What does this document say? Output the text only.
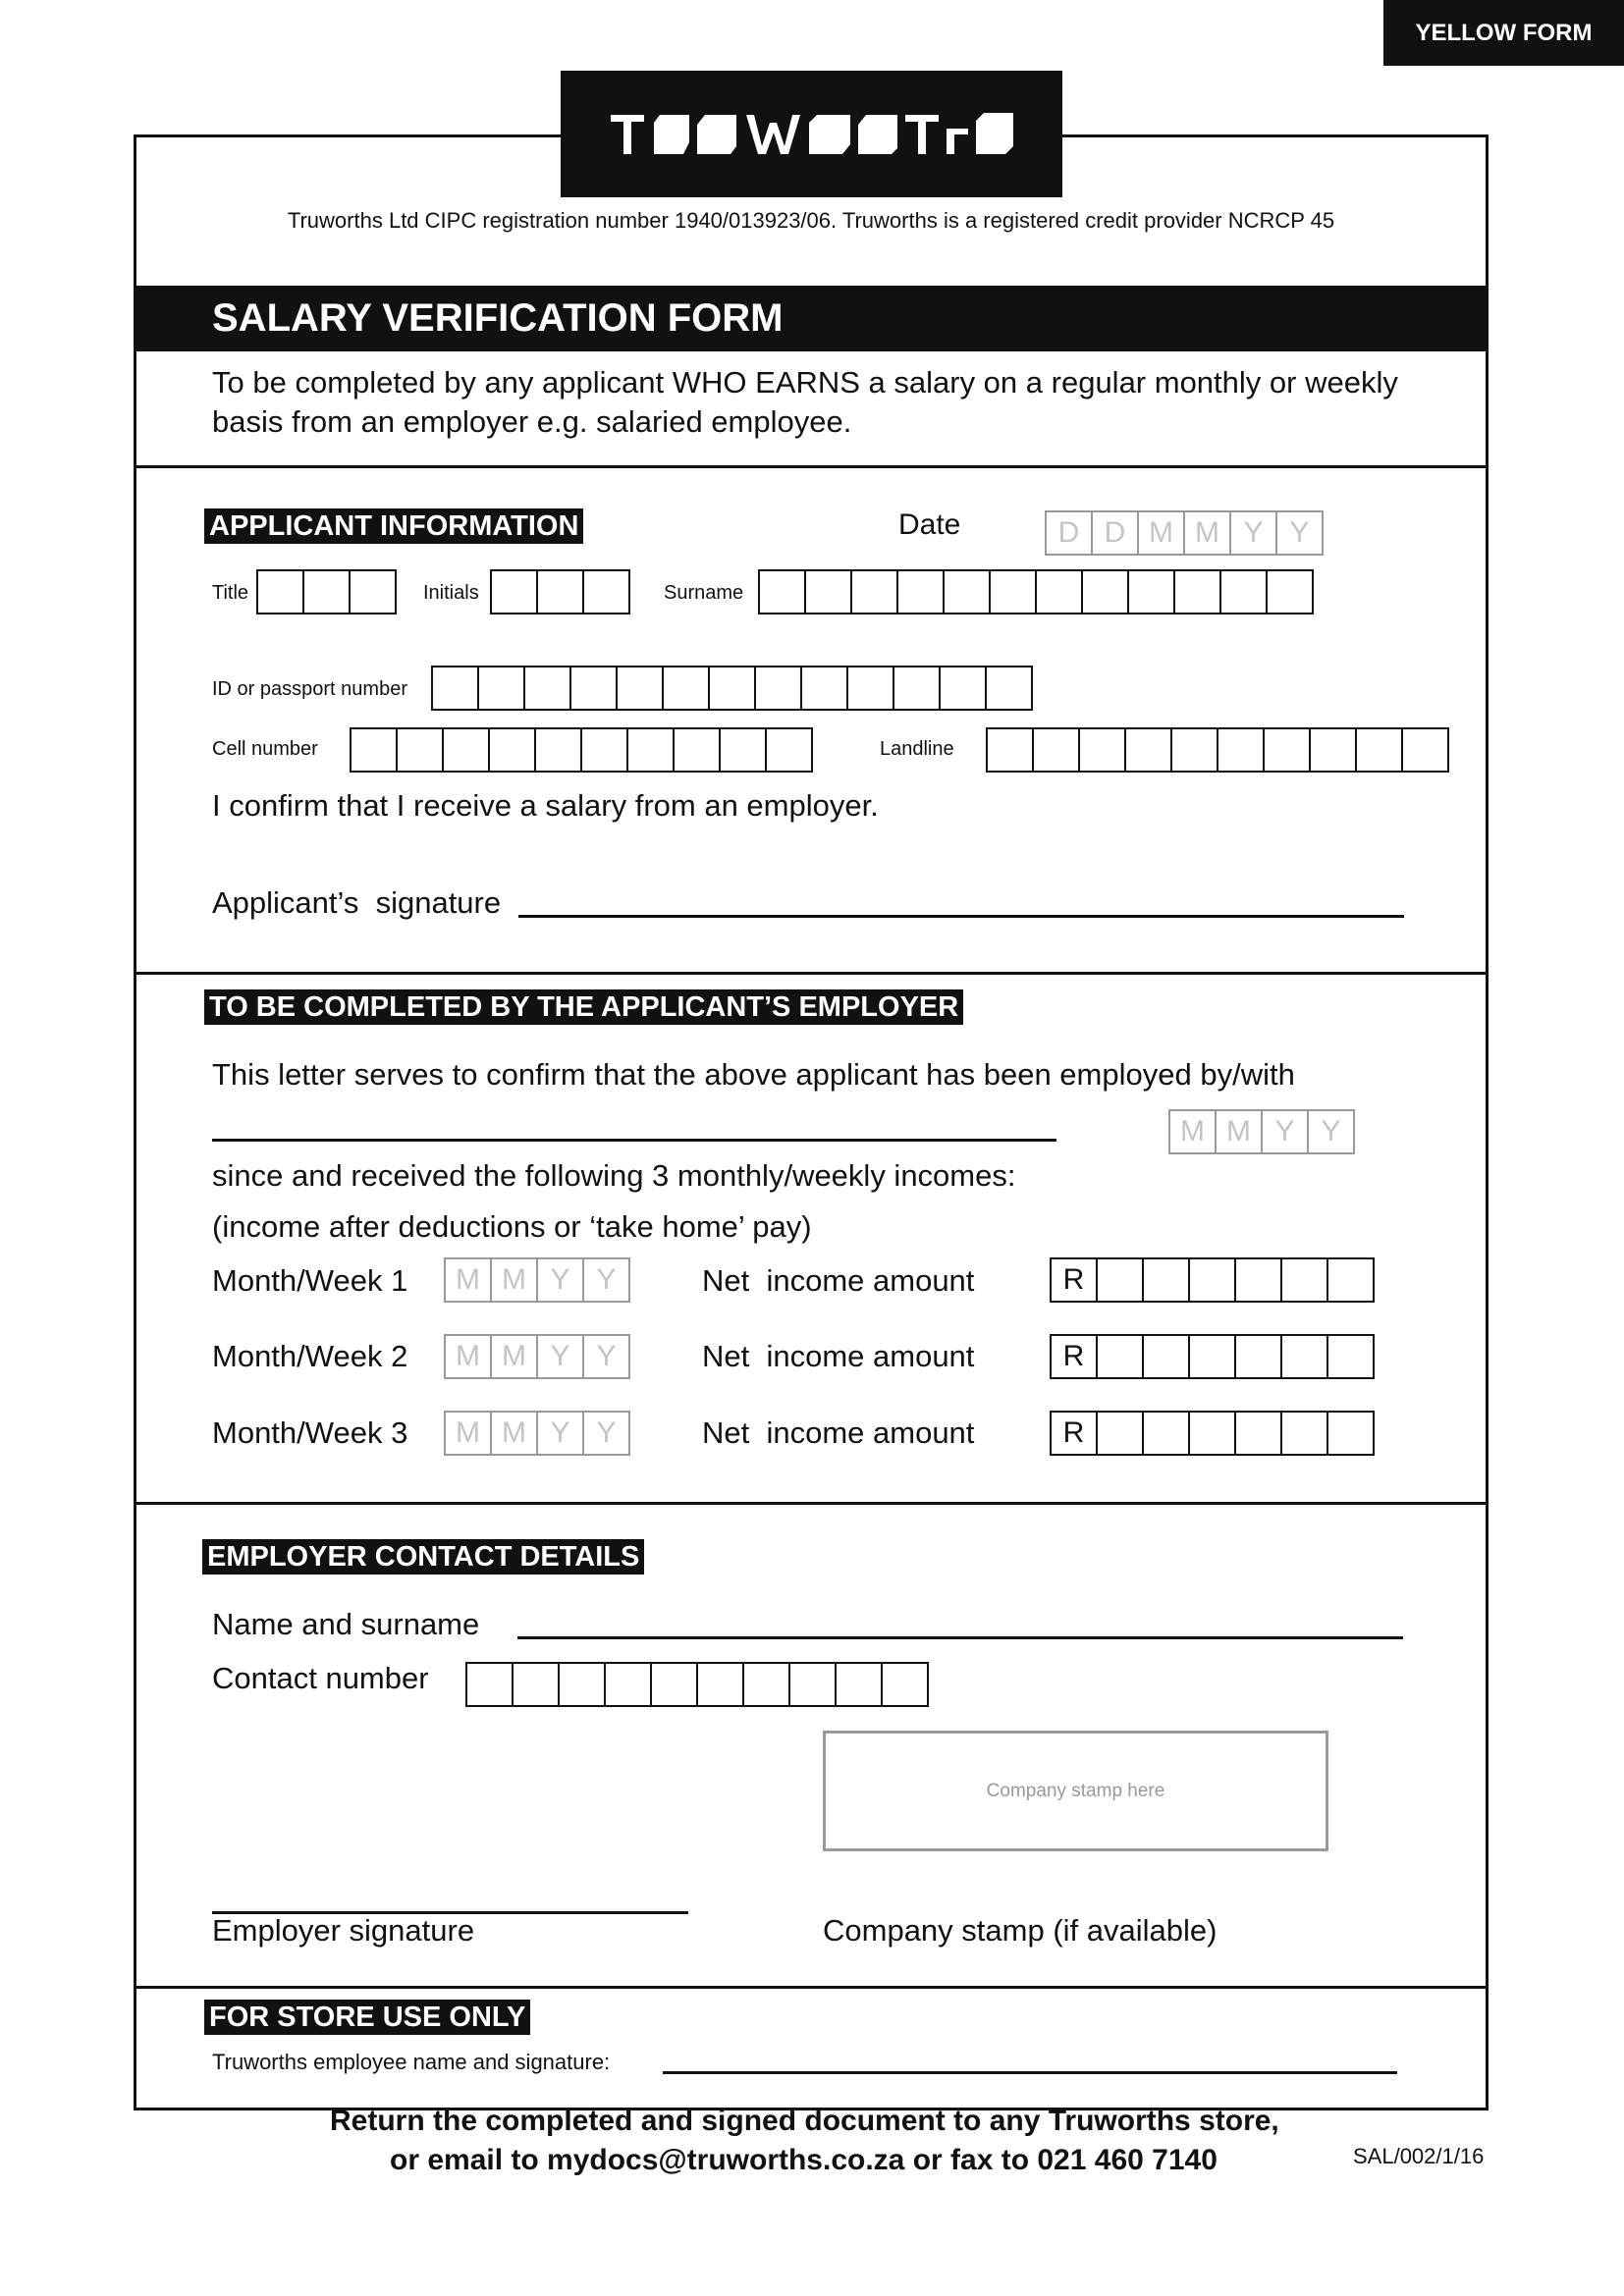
YELLOW FORM
Truworths Ltd CIPC registration number 1940/013923/06. Truworths is a registered credit provider NCRCP 45
SALARY VERIFICATION FORM
To be completed by any applicant WHO EARNS a salary on a regular monthly or weekly basis from an employer e.g. salaried employee.
APPLICANT INFORMATION	Date	D D M M Y Y
Title	Initials	Surname
ID or passport number
Cell number	Landline
I confirm that I receive a salary from an employer.
Applicant’s  signature
TO BE COMPLETED BY THE APPLICANT’S EMPLOYER
This letter serves to confirm that the above applicant has been employed by/with
M M Y Y
since and received the following 3 monthly/weekly incomes:
(income after deductions or ‘take home’ pay)
Month/Week 1	M M Y Y	Net  income amount	R
Month/Week 2	M M Y Y	Net  income amount	R
Month/Week 3	M M Y Y	Net  income amount	R
EMPLOYER CONTACT DETAILS
Name and surname
Contact number
Company stamp here
Employer signature	Company stamp (if available)
FOR STORE USE ONLY
Truworths employee name and signature:
Return the completed and signed document to any Truworths store,
or email to mydocs@truworths.co.za or fax to 021 460 7140	SAL/002/1/16
